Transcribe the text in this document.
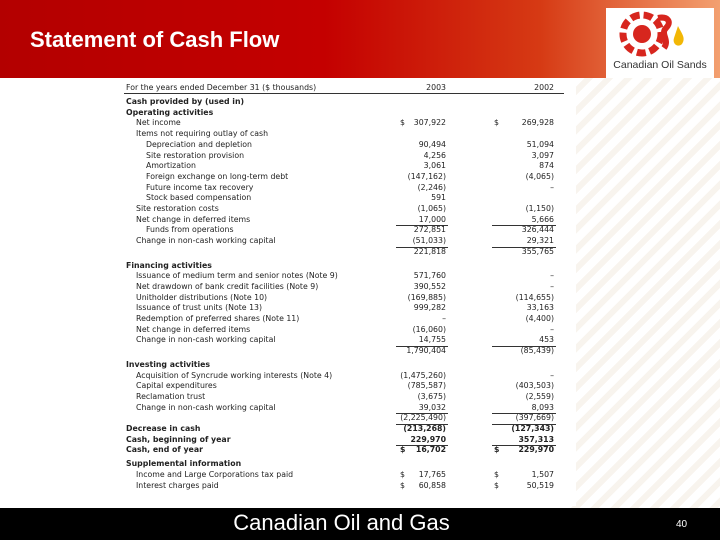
Statement of Cash Flow
Canadian Oil Sands
For the years ended December 31 ($ thousands)	2003	2002
Cash provided by (used in)
Operating activities
Net income	$ 307,922	$	269,928
Items not requiring outlay of cash
Depreciation and depletion	90,494	51,094
Site restoration provision	4,256	3,097
Amortization	3,061	874
Foreign exchange on long-term debt	(147,162)	(4,065)
Future income tax recovery	(2,246)	–
Stock based compensation	591
Site restoration costs	(1,065)	(1,150)
Net change in deferred items	17,000	5,666
Funds from operations	272,851	326,444
Change in non-cash working capital	(51,033)	29,321
221,818	355,765
Financing activities
Issuance of medium term and senior notes (Note 9)	571,760	–
Net drawdown of bank credit facilities (Note 9)	390,552	–
Unitholder distributions (Note 10)	(169,885)	(114,655)
Issuance of trust units (Note 13)	999,282	33,163
Redemption of preferred shares (Note 11)	–	(4,400)
Net change in deferred items	(16,060)	–
Change in non-cash working capital	14,755	453
1,790,404	(85,439)
Investing activities
Acquisition of Syncrude working interests (Note 4)	(1,475,260)	–
Capital expenditures	(785,587)	(403,503)
Reclamation trust	(3,675)	(2,559)
Change in non-cash working capital	39,032	8,093
(2,225,490)	(397,669)
Decrease in cash	(213,268)	(127,343)
Cash, beginning of year	229,970	357,313
Cash, end of year	$ 16,702	$ 229,970
Supplemental information
Income and Large Corporations tax paid	$ 17,765	$	1,507
Interest charges paid	$ 60,858	$	50,519
Canadian Oil and Gas	40
